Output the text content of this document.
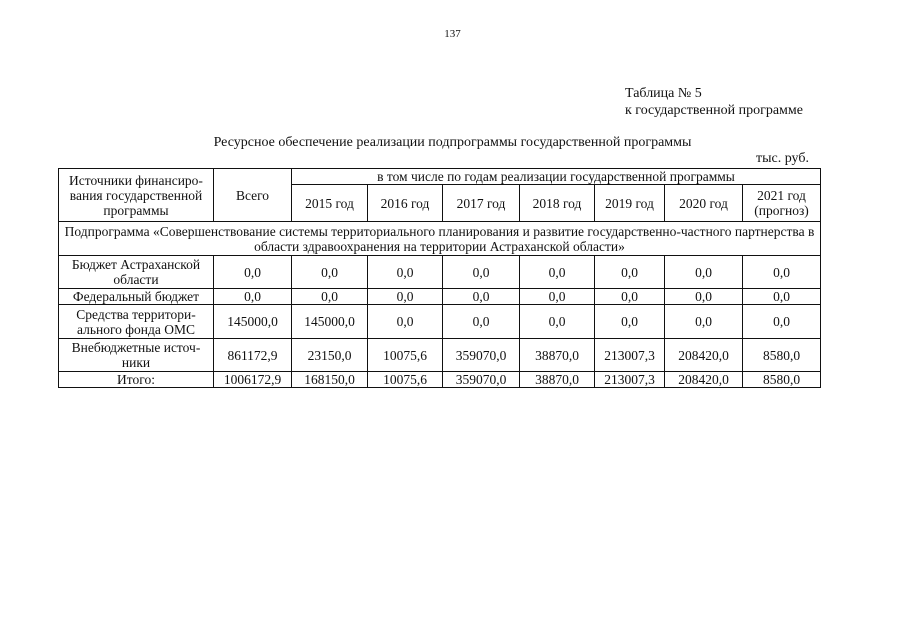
137
Таблица № 5
к государственной программе
Ресурсное обеспечение реализации подпрограммы государственной программы
тыс. руб.
Источники финансиро-вания государственной программы	Всего	в том числе по годам реализации государственной программы						
		2015 год	2016 год	2017 год	2018 год	2019 год	2020 год	2021 год (прогноз)
Подпрограмма «Совершенствование системы территориального планирования и развитие государственно-частного партнерства в области здравоохранения на территории Астраханской области»								
Бюджет Астраханской области	0,0	0,0	0,0	0,0	0,0	0,0	0,0	0,0
Федеральный бюджет	0,0	0,0	0,0	0,0	0,0	0,0	0,0	0,0
Средства территори-ального фонда ОМС	145000,0	145000,0	0,0	0,0	0,0	0,0	0,0	0,0
Внебюджетные источ-ники	861172,9	23150,0	10075,6	359070,0	38870,0	213007,3	208420,0	8580,0
Итого:	1006172,9	168150,0	10075,6	359070,0	38870,0	213007,3	208420,0	8580,0
